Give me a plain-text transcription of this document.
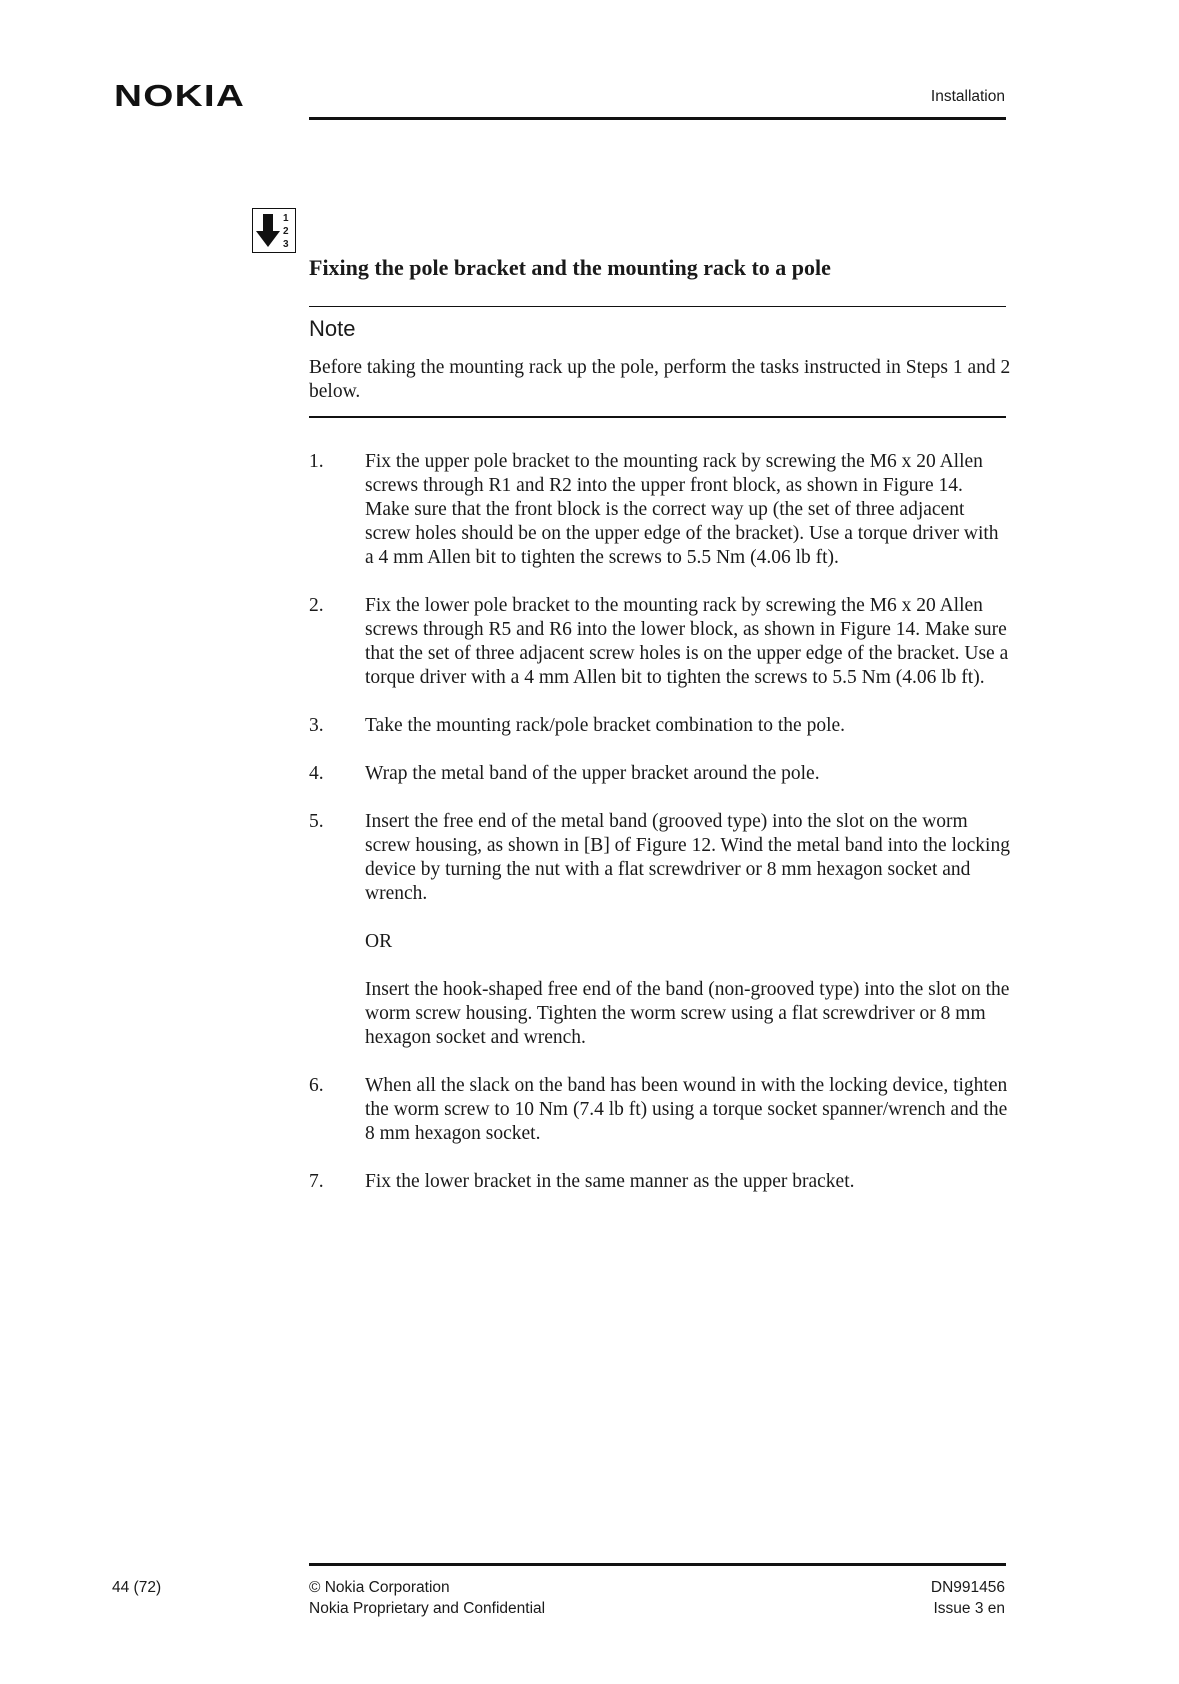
NOKIA	Installation
1
2
3
Fixing the pole bracket and the mounting rack to a pole
Note
Before taking the mounting rack up the pole, perform the tasks instructed in Steps 1 and 2 below.
1.	Fix the upper pole bracket to the mounting rack by screwing the M6 x 20 Allen screws through R1 and R2 into the upper front block, as shown in Figure 14. Make sure that the front block is the correct way up (the set of three adjacent screw holes should be on the upper edge of the bracket). Use a torque driver with a 4 mm Allen bit to tighten the screws to 5.5 Nm (4.06 lb ft).

2.	Fix the lower pole bracket to the mounting rack by screwing the M6 x 20 Allen screws through R5 and R6 into the lower block, as shown in Figure 14. Make sure that the set of three adjacent screw holes is on the upper edge of the bracket. Use a torque driver with a 4 mm Allen bit to tighten the screws to 5.5 Nm (4.06 lb ft).

3.	Take the mounting rack/pole bracket combination to the pole.

4.	Wrap the metal band of the upper bracket around the pole.

5.	Insert the free end of the metal band (grooved type) into the slot on the worm screw housing, as shown in [B] of Figure 12. Wind the metal band into the locking device by turning the nut with a flat screwdriver or 8 mm hexagon socket and wrench.

OR

Insert the hook-shaped free end of the band (non-grooved type) into the slot on the worm screw housing. Tighten the worm screw using a flat screwdriver or 8 mm hexagon socket and wrench.

6.	When all the slack on the band has been wound in with the locking device, tighten the worm screw to 10 Nm (7.4 lb ft) using a torque socket spanner/wrench and the 8 mm hexagon socket.

7.	Fix the lower bracket in the same manner as the upper bracket.

44 (72)	© Nokia Corporation
Nokia Proprietary and Confidential
DN991456
Issue 3 en
